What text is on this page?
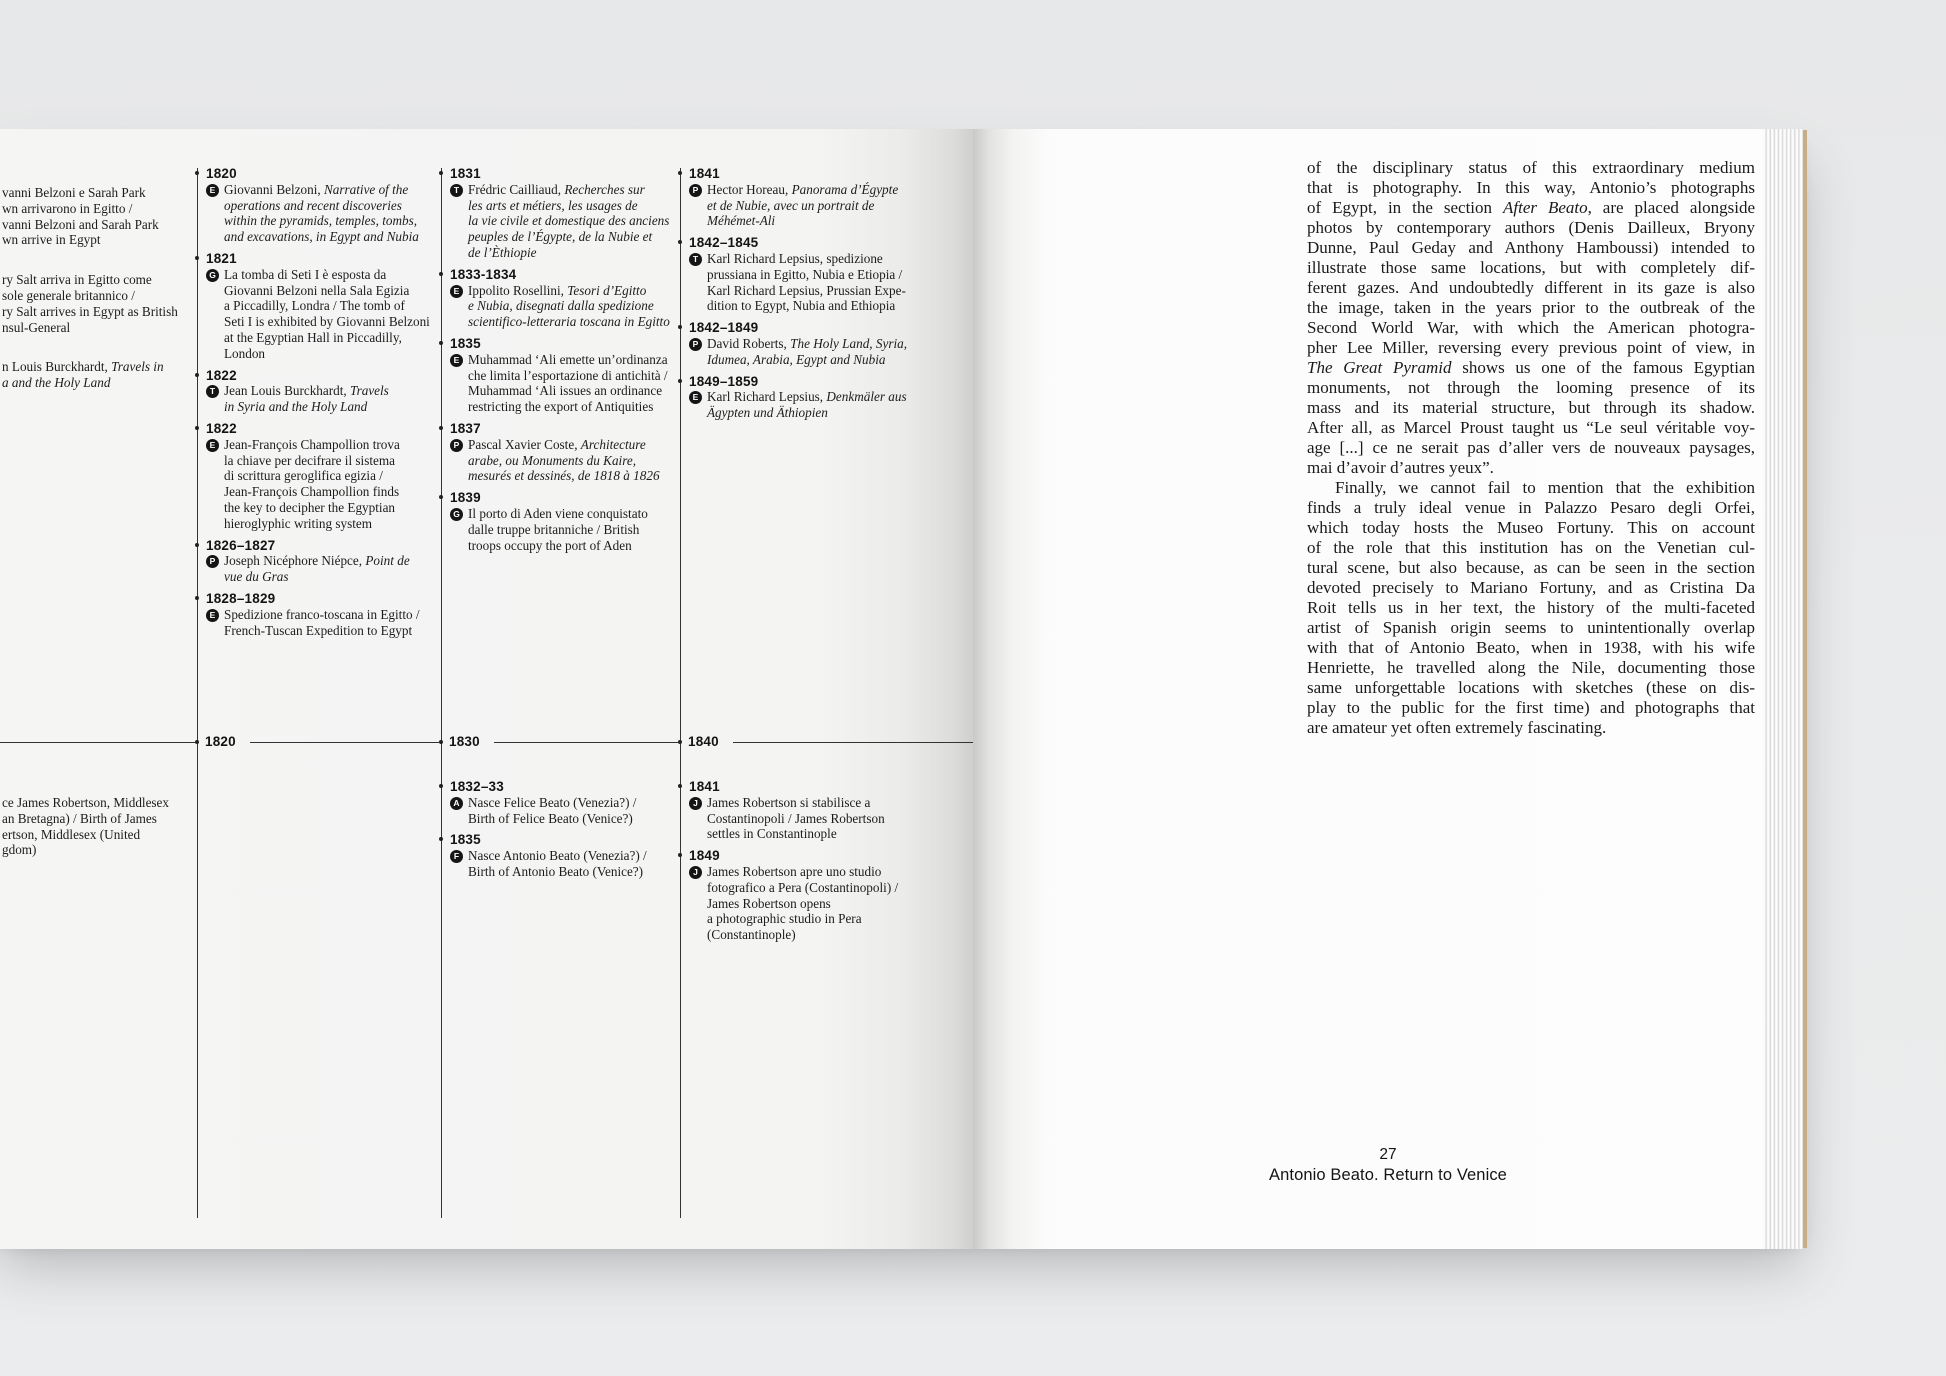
1820	1830	1840
vanni Belzoni e Sarah Park
wn arrivarono in Egitto /
vanni Belzoni and Sarah Park
wn arrive in Egypt
ry Salt arriva in Egitto come
sole generale britannico /
ry Salt arrives in Egypt as British
nsul-General
n Louis Burckhardt, Travels in
a and the Holy Land
1820
E Giovanni Belzoni, Narrative of the
operations and recent discoveries
within the pyramids, temples, tombs,
and excavations, in Egypt and Nubia
1821
G La tomba di Seti I è esposta da
Giovanni Belzoni nella Sala Egizia
a Piccadilly, Londra / The tomb of
Seti I is exhibited by Giovanni Belzoni
at the Egyptian Hall in Piccadilly,
London
1822
T Jean Louis Burckhardt, Travels
in Syria and the Holy Land
1822
E Jean-François Champollion trova
la chiave per decifrare il sistema
di scrittura geroglifica egizia /
Jean-François Champollion finds
the key to decipher the Egyptian
hieroglyphic writing system
1826–1827
P Joseph Nicéphore Niépce, Point de
vue du Gras
1828–1829
E Spedizione franco-toscana in Egitto /
French-Tuscan Expedition to Egypt
1831
T Frédric Cailliaud, Recherches sur
les arts et métiers, les usages de
la vie civile et domestique des anciens
peuples de l’Égypte, de la Nubie et
de l’Èthiopie
1833-1834
E Ippolito Rosellini, Tesori d’Egitto
e Nubia, disegnati dalla spedizione
scientifico-letteraria toscana in Egitto
1835
E Muhammad ‘Ali emette un’ordinanza
che limita l’esportazione di antichità /
Muhammad ‘Ali issues an ordinance
restricting the export of Antiquities
1837
P Pascal Xavier Coste, Architecture
arabe, ou Monuments du Kaire,
mesurés et dessinés, de 1818 à 1826
1839
G Il porto di Aden viene conquistato
dalle truppe britanniche / British
troops occupy the port of Aden
1841
P Hector Horeau, Panorama d’Égypte
et de Nubie, avec un portrait de
Méhémet-Ali
1842–1845
T Karl Richard Lepsius, spedizione
prussiana in Egitto, Nubia e Etiopia /
Karl Richard Lepsius, Prussian Expe-
dition to Egypt, Nubia and Ethiopia
1842–1849
P David Roberts, The Holy Land, Syria,
Idumea, Arabia, Egypt and Nubia
1849–1859
E Karl Richard Lepsius, Denkmäler aus
Ägypten und Äthiopien
ce James Robertson, Middlesex
an Bretagna) / Birth of James
ertson, Middlesex (United
gdom)
1832–33
A Nasce Felice Beato (Venezia?) /
Birth of Felice Beato (Venice?)
1835
F Nasce Antonio Beato (Venezia?) /
Birth of Antonio Beato (Venice?)
1841
J James Robertson si stabilisce a
Costantinopoli / James Robertson
settles in Constantinople
1849
J James Robertson apre uno studio
fotografico a Pera (Costantinopoli) /
James Robertson opens
a photographic studio in Pera
(Constantinople)
of the disciplinary status of this extraordinary medium
that is photography. In this way, Antonio’s photographs
of Egypt, in the section After Beato, are placed alongside
photos by contemporary authors (Denis Dailleux, Bryony
Dunne, Paul Geday and Anthony Hamboussi) intended to
illustrate those same locations, but with completely dif-
ferent gazes. And undoubtedly different in its gaze is also
the image, taken in the years prior to the outbreak of the
Second World War, with which the American photogra-
pher Lee Miller, reversing every previous point of view, in
The Great Pyramid shows us one of the famous Egyptian
monuments, not through the looming presence of its
mass and its material structure, but through its shadow.
After all, as Marcel Proust taught us “Le seul véritable voy-
age [...] ce ne serait pas d’aller vers de nouveaux paysages,
mai d’avoir d’autres yeux”.
Finally, we cannot fail to mention that the exhibition
finds a truly ideal venue in Palazzo Pesaro degli Orfei,
which today hosts the Museo Fortuny. This on account
of the role that this institution has on the Venetian cul-
tural scene, but also because, as can be seen in the section
devoted precisely to Mariano Fortuny, and as Cristina Da
Roit tells us in her text, the history of the multi-faceted
artist of Spanish origin seems to unintentionally overlap
with that of Antonio Beato, when in 1938, with his wife
Henriette, he travelled along the Nile, documenting those
same unforgettable locations with sketches (these on dis-
play to the public for the first time) and photographs that
are amateur yet often extremely fascinating.
27
Antonio Beato. Return to Venice
